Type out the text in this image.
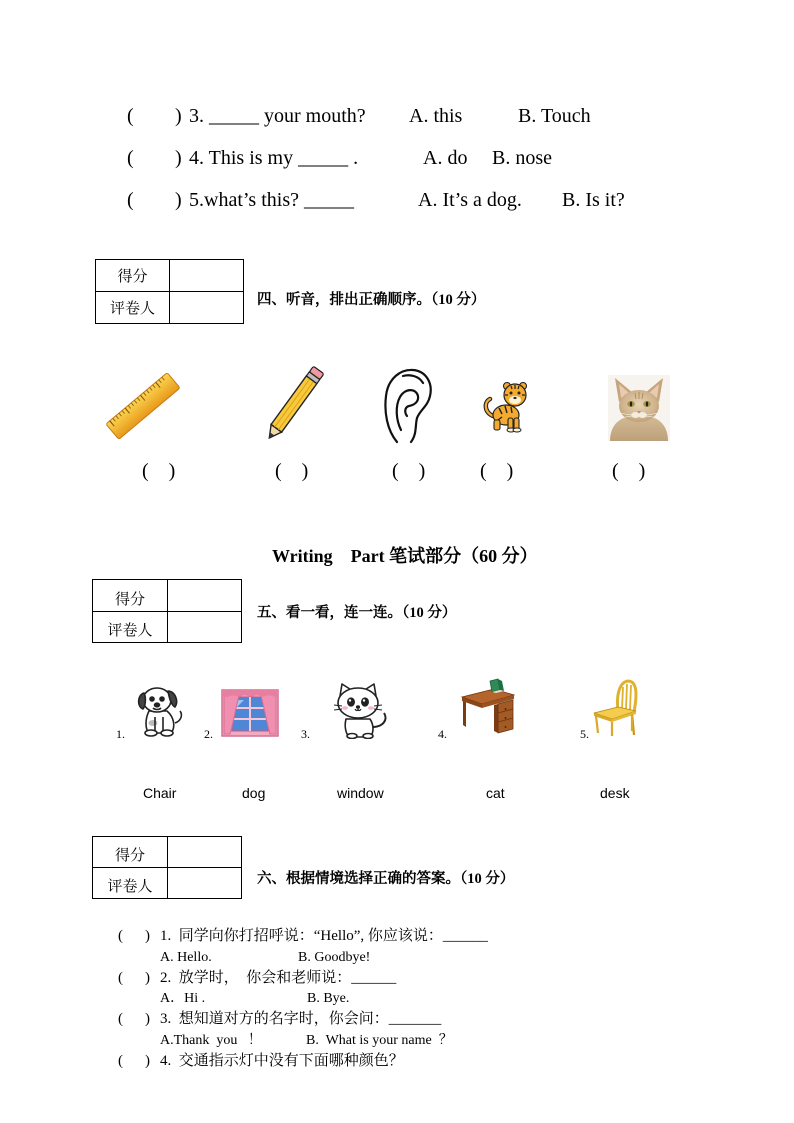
( ) 3. _____ your mouth? A. this	B. Touch
( ) 4. This is my _____ .	A. do B. nose
( ) 5.what’s this? _____	A. It’s a dog. B. Is it?
得分	
评卷人	
四、听音，排出正确顺序。（10 分）
(    )	(    )	(    )	(    )	(    )
Writing    Part 笔试部分（60 分）
得分	
评卷人	
五、看一看，连一连。（10 分）
1.	2.	3.	4.	5.
Chair	dog	window	cat	desk
得分	
评卷人		六、根据情境选择正确的答案。（10 分）
( ) 1.  同学向你打招呼说：“Hello”, 你应该说：______
A. Hello.	B. Goodbye!
( ) 2.  放学时，  你会和老师说：______
A．Hi .	B. Bye.
( ) 3.  想知道对方的名字时，你会问：_______
A.Thank  you   ！	B.  What is your name  ？
( ) 4.  交通指示灯中没有下面哪种颜色？
